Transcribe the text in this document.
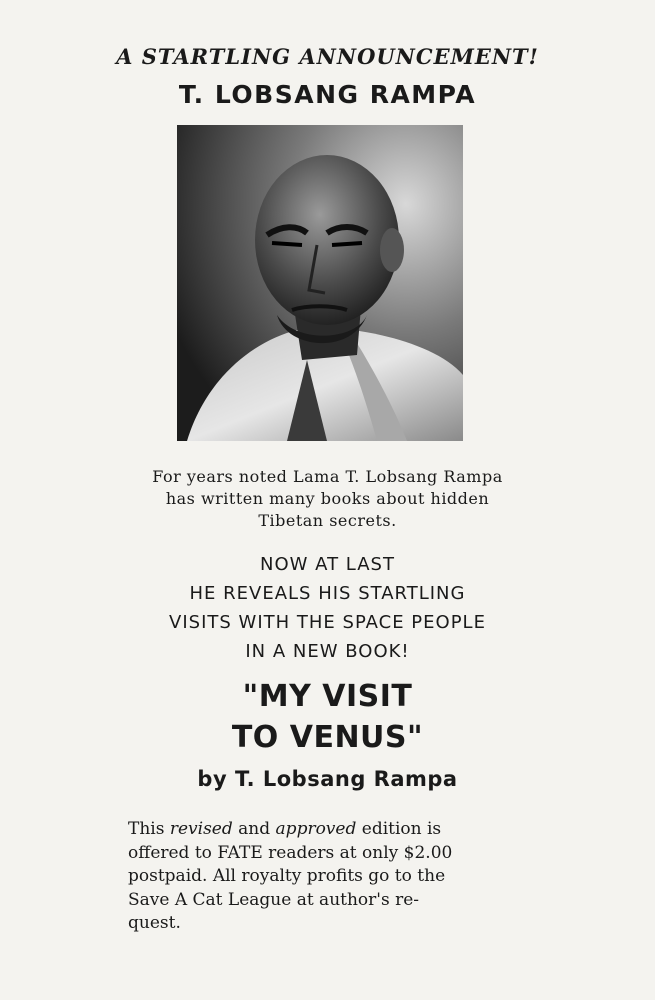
A STARTLING ANNOUNCEMENT!
T. LOBSANG RAMPA
For years noted Lama T. Lobsang Rampa
has written many books about hidden
Tibetan secrets.
NOW AT LAST
HE REVEALS HIS STARTLING
VISITS WITH THE SPACE PEOPLE
IN A NEW BOOK!
"MY VISIT
TO VENUS"
by T. Lobsang Rampa
This revised and approved edition is
offered to FATE readers at only $2.00
postpaid. All royalty profits go to the
Save A Cat League at author's re-
quest.
